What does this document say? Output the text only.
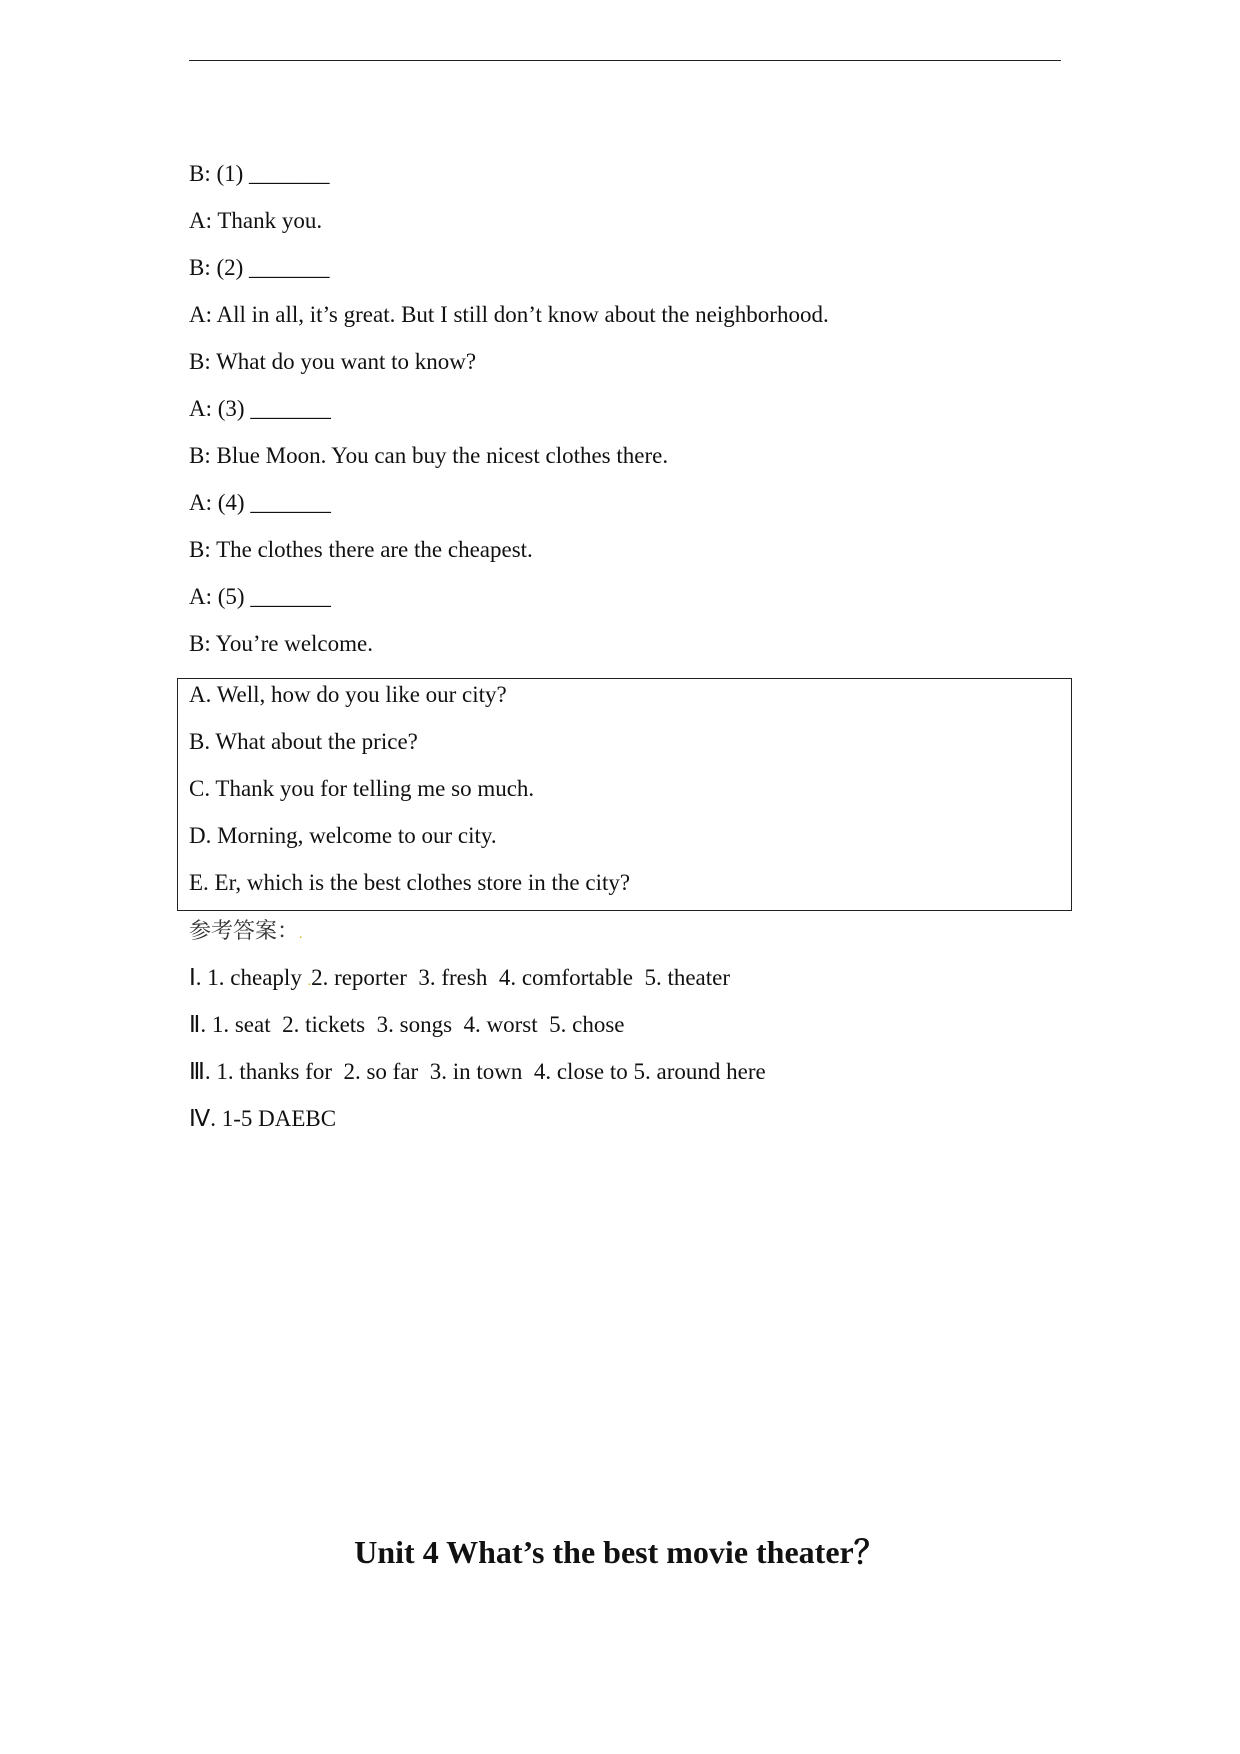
B: (1) _______
A: Thank you.
B: (2) _______
A: All in all, it’s great. But I still don’t know about the neighborhood.
B: What do you want to know?
A: (3) _______
B: Blue Moon. You can buy the nicest clothes there.
A: (4) _______
B: The clothes there are the cheapest.
A: (5) _______
B: You’re welcome.
A. Well, how do you like our city?
B. What about the price?
C. Thank you for telling me so much.
D. Morning, welcome to our city.
E. Er, which is the best clothes store in the city?
参考答案：.
Ⅰ. 1. cheaply .2. reporter  3. fresh  4. comfortable  5. theater
Ⅱ. 1. seat  2. tickets  3. songs  4. worst  5. chose
Ⅲ. 1. thanks for  2. so far  3. in town  4. close to 5. around here
Ⅳ. 1-5 DAEBC
Unit 4 What’s the best movie theater？
